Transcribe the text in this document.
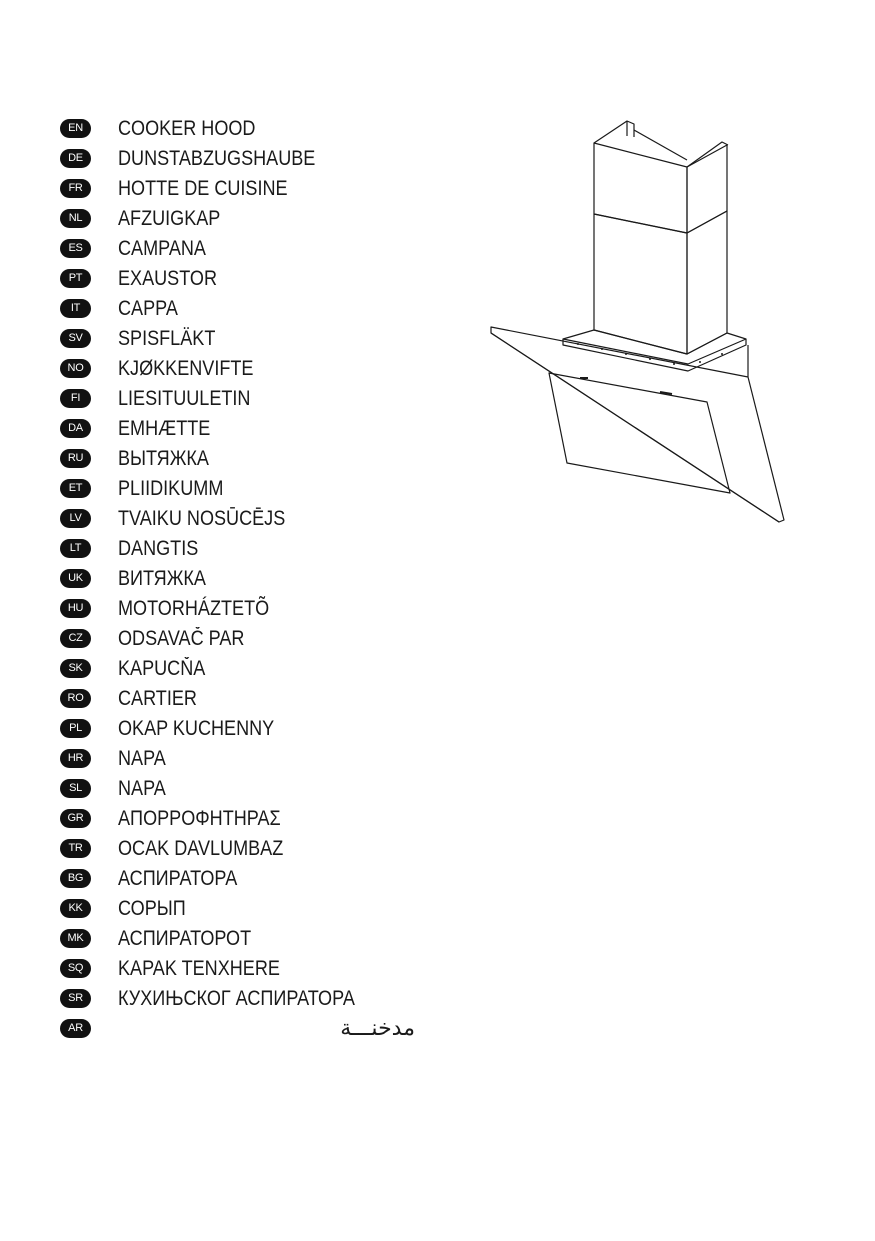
EN	COOKER HOOD
DE	DUNSTABZUGSHAUBE
FR	HOTTE DE CUISINE
NL	AFZUIGKAP
ES	CAMPANA
PT	EXAUSTOR
IT	CAPPA
SV	SPISFLÄKT
NO	KJØKKENVIFTE
FI	LIESITUULETIN
DA	EMHÆTTE
RU	ВЫТЯЖКА
ET	PLIIDIKUMM
LV	TVAIKU NOSŪCĒJS
LT	DANGTIS
UK	ВИТЯЖКА
HU	MOTORHÁZTETÕ
CZ	ODSAVAČ PAR
SK	KAPUCŇA
RO	CARTIER
PL	OKAP KUCHENNY
HR	NAPA
SL	NAPA
GR	ΑΠΟΡΡΟΦΗΤΗΡΑΣ
TR	OCAK DAVLUMBAZ
BG	АСПИРАТОРА
KK	СОРЫП
MK	АСПИРАТОРОТ
SQ	KAPAK TENXHERE
SR	КУХИЊСКОГ АСПИРАТОРА
AR	مدخنـــة
